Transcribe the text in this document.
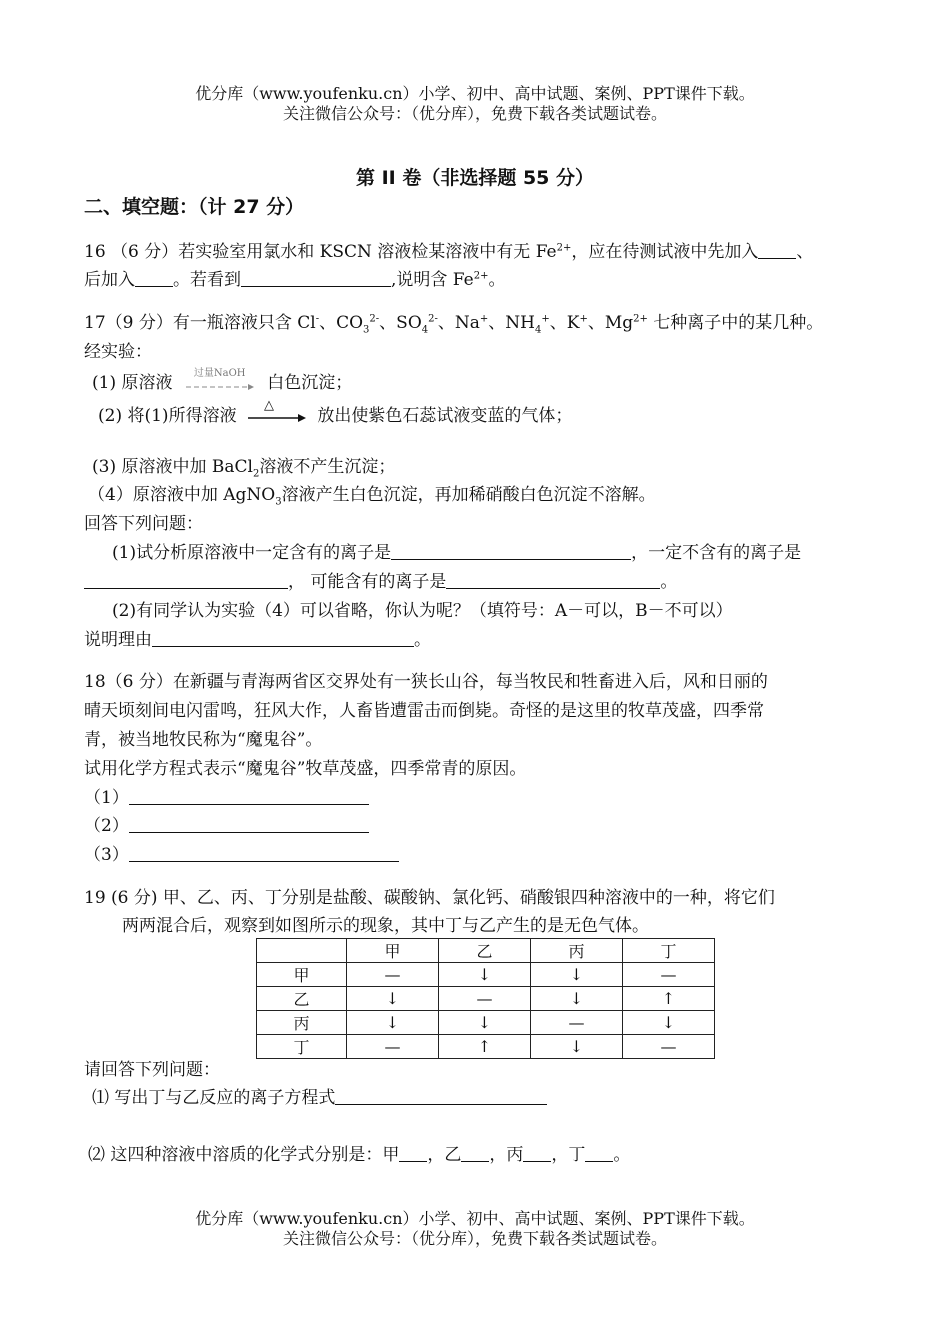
优分库（www.youfenku.cn）小学、初中、高中试题、案例、PPT课件下载。
关注微信公众号：（优分库），免费下载各类试题试卷。
第 II 卷（非选择题 55 分）
二、填空题：（计 27 分）
16 （6 分）若实验室用氯水和 KSCN 溶液检某溶液中有无 $Fe^{2+}$，应在待测试液中先加入 、
后加入 。若看到	,说明含 $Fe^{2+}$。
17（9 分）有一瓶溶液只含 Cl-、$CO_3^{2-}$、$SO_4^{2-}$、Na+、$NH_4^+$、K+、$Mg^{2+}$ 七种离子中的某几种。
经实验：
(1) 原溶液 过量NaOH 白色沉淀；
(2) 将(1)所得溶液
△
放出使紫色石蕊试液变蓝的气体；
(3) 原溶液中加 BaCl$_2$溶液不产生沉淀；
（4）原溶液中加 AgNO$_3$溶液产生白色沉淀，再加稀硝酸白色沉淀不溶解。
回答下列问题：
(1)试分析原溶液中一定含有的离子是	，一定不含有的离子是
， 可能含有的离子是	。
(2)有同学认为实验（4）可以省略，你认为呢？（填符号：A－可以，B－不可以）
说明理由	。
18（6 分）在新疆与青海两省区交界处有一狭长山谷，每当牧民和牲畜进入后，风和日丽的
晴天顷刻间电闪雷鸣，狂风大作，人畜皆遭雷击而倒毙。奇怪的是这里的牧草茂盛，四季常
青，被当地牧民称为“魔鬼谷”。
试用化学方程式表示“魔鬼谷”牧草茂盛，四季常青的原因。
（1）
（2）
（3）
19 (6 分) 甲、乙、丙、丁分别是盐酸、碳酸钠、氯化钙、硝酸银四种溶液中的一种，将它们
两两混合后，观察到如图所示的现象，其中丁与乙产生的是无色气体。
	甲	乙	丙	丁
甲	—	↓	↓	—
乙	↓	—	↓	↑
丙	↓	↓	—	↓
丁	—	↑	↓	—
请回答下列问题：
⑴ 写出丁与乙反应的离子方程式
⑵ 这四种溶液中溶质的化学式分别是：甲 ，乙 ，丙 ，丁 。
优分库（www.youfenku.cn）小学、初中、高中试题、案例、PPT课件下载。
关注微信公众号：（优分库），免费下载各类试题试卷。
